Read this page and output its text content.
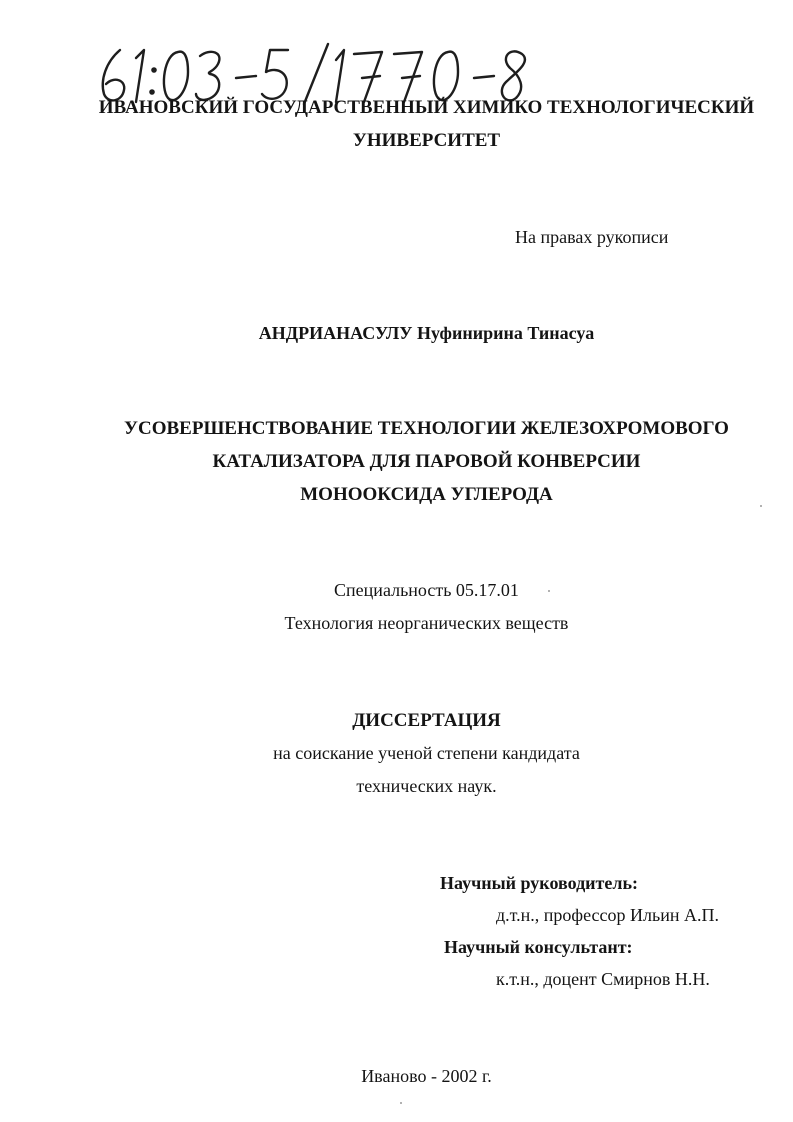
ИВАНОВСКИЙ ГОСУДАРСТВЕННЫЙ ХИМИКО ТЕХНОЛОГИЧЕСКИЙ
УНИВЕРСИТЕТ
На правах рукописи
АНДРИАНАСУЛУ Нуфинирина Тинасуа
УСОВЕРШЕНСТВОВАНИЕ ТЕХНОЛОГИИ ЖЕЛЕЗОХРОМОВОГО
КАТАЛИЗАТОРА ДЛЯ ПАРОВОЙ КОНВЕРСИИ
МОНООКСИДА УГЛЕРОДА
Специальность 05.17.01
Технология неорганических веществ
ДИССЕРТАЦИЯ
на соискание ученой степени кандидата
технических наук.
Научный руководитель:
д.т.н., профессор Ильин А.П.
Научный консультант:
к.т.н., доцент Смирнов Н.Н.
Иваново - 2002 г.
